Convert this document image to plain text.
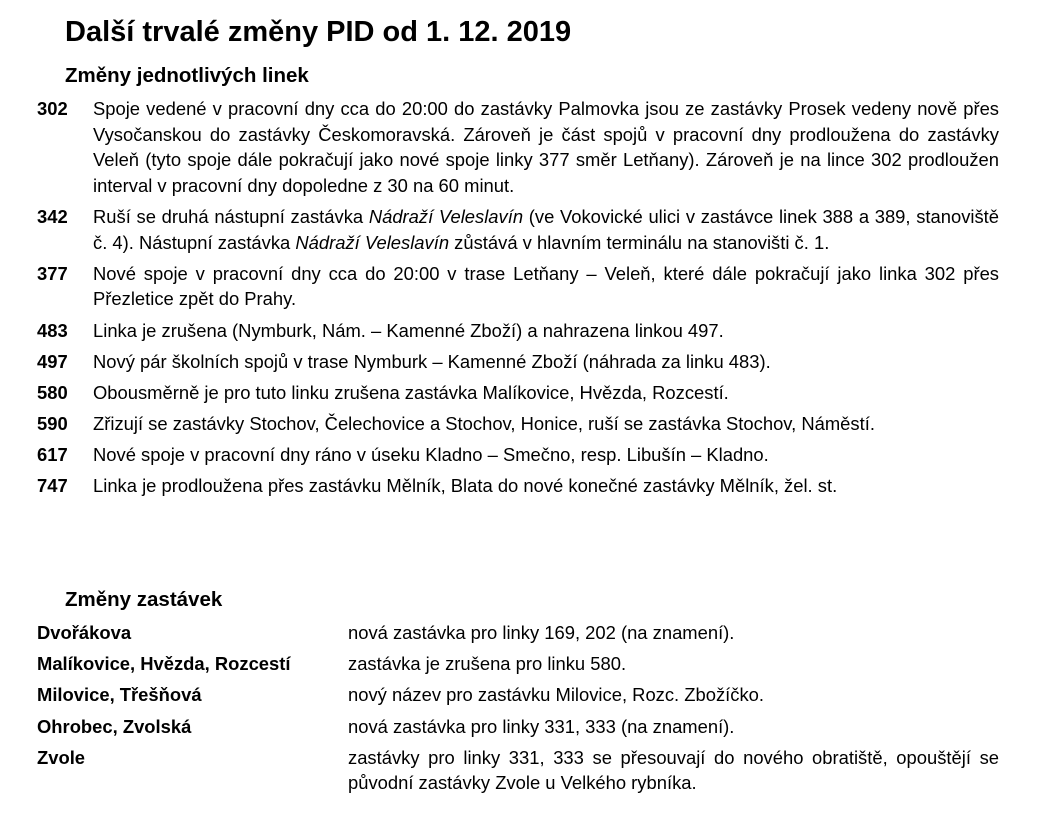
Další trvalé změny PID od 1. 12. 2019
Změny jednotlivých linek
302	Spoje vedené v pracovní dny cca do 20:00 do zastávky Palmovka jsou ze zastávky Prosek vedeny nově přes Vysočanskou do zastávky Českomoravská. Zároveň je část spojů v pracovní dny prodloužena do zastávky Veleň (tyto spoje dále pokračují jako nové spoje linky 377 směr Letňany). Zároveň je na lince 302 prodloužen interval v pracovní dny dopoledne z 30 na 60 minut.
342	Ruší se druhá nástupní zastávka Nádraží Veleslavín (ve Vokovické ulici v zastávce linek 388 a 389, stanoviště č. 4). Nástupní zastávka Nádraží Veleslavín zůstává v hlavním terminálu na stanovišti č. 1.
377	Nové spoje v pracovní dny cca do 20:00 v trase Letňany – Veleň, které dále pokračují jako linka 302 přes Přezletice zpět do Prahy.
483	Linka je zrušena (Nymburk, Nám. – Kamenné Zboží) a nahrazena linkou 497.
497	Nový pár školních spojů v trase Nymburk – Kamenné Zboží (náhrada za linku 483).
580	Obousměrně je pro tuto linku zrušena zastávka Malíkovice, Hvězda, Rozcestí.
590	Zřizují se zastávky Stochov, Čelechovice a Stochov, Honice, ruší se zastávka Stochov, Náměstí.
617	Nové spoje v pracovní dny ráno v úseku Kladno – Smečno, resp. Libušín – Kladno.
747	Linka je prodloužena přes zastávku Mělník, Blata do nové konečné zastávky Mělník, žel. st.
Změny zastávek
Dvořákova	nová zastávka pro linky 169, 202 (na znamení).
Malíkovice, Hvězda, Rozcestí	zastávka je zrušena pro linku 580.
Milovice, Třešňová	nový název pro zastávku Milovice, Rozc. Zbožíčko.
Ohrobec, Zvolská	nová zastávka pro linky 331, 333 (na znamení).
Zvole	zastávky pro linky 331, 333 se přesouvají do nového obratiště, opouštějí se původní zastávky Zvole u Velkého rybníka.
